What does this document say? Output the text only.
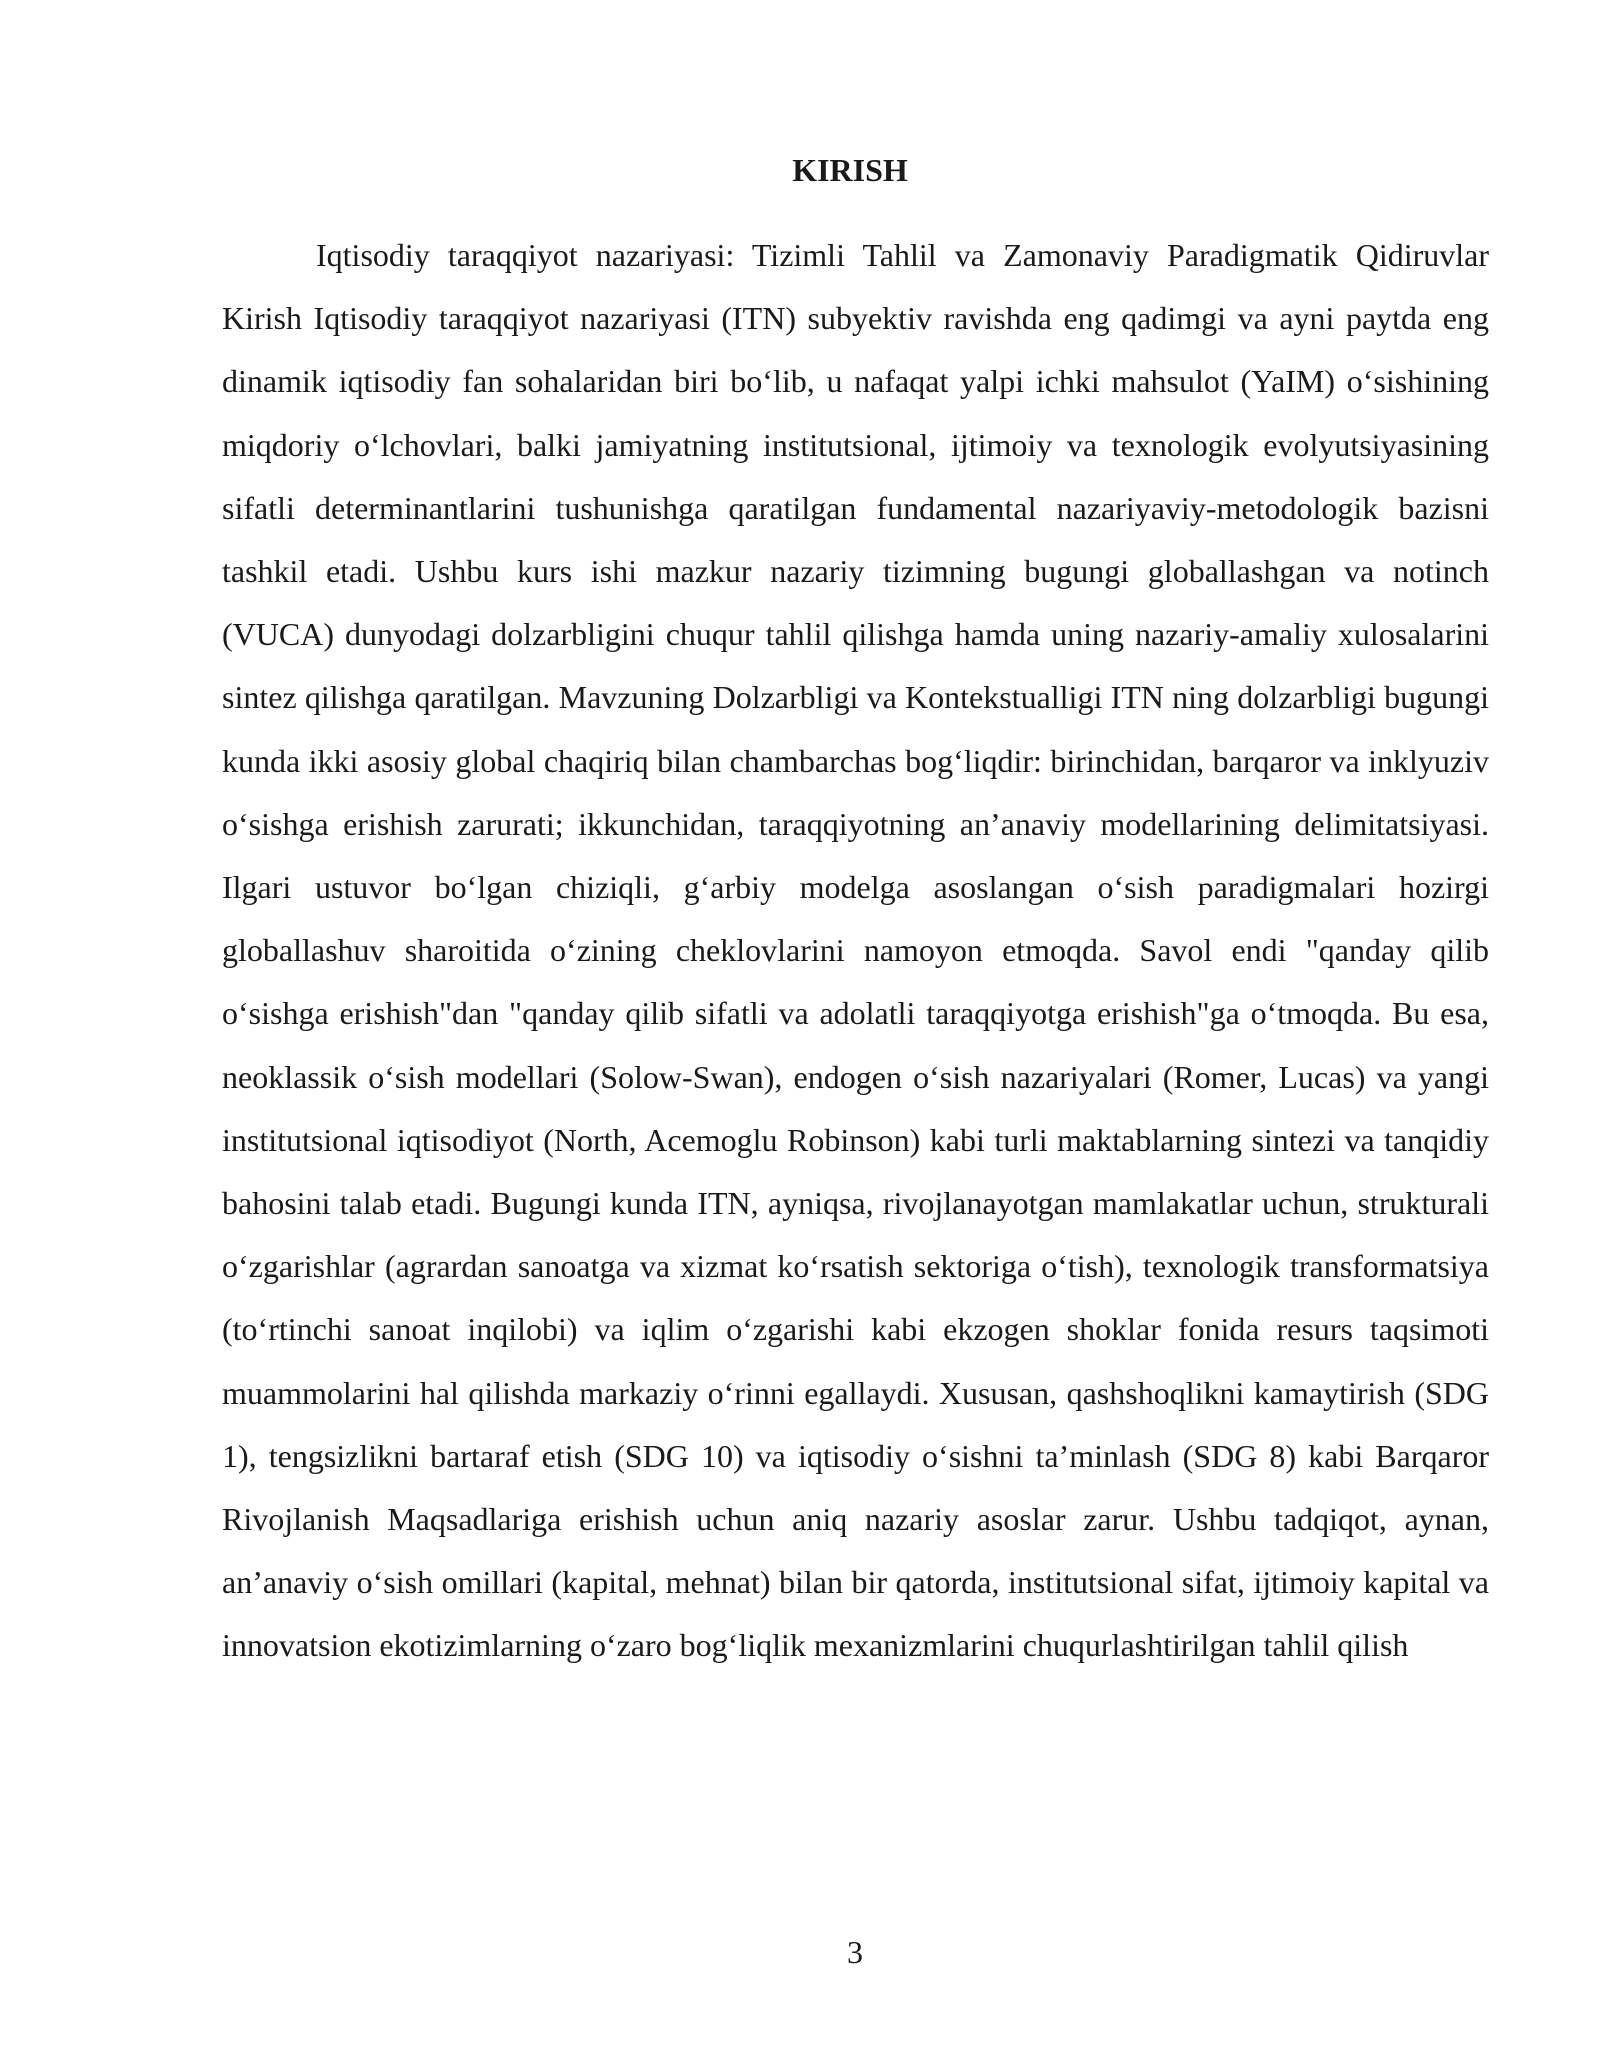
KIRISH

Iqtisodiy taraqqiyot nazariyasi: Tizimli Tahlil va Zamonaviy Paradigmatik Qidiruvlar Kirish Iqtisodiy taraqqiyot nazariyasi (ITN) subyektiv ravishda eng qadimgi va ayni paytda eng dinamik iqtisodiy fan sohalaridan biri bo‘lib, u nafaqat yalpi ichki mahsulot (YaIM) o‘sishining miqdoriy o‘lchovlari, balki jamiyatning institutsional, ijtimoiy va texnologik evolyutsiyasining sifatli determinantlarini tushunishga qaratilgan fundamental nazariyaviy-metodologik bazisni tashkil etadi. Ushbu kurs ishi mazkur nazariy tizimning bugungi globallashgan va notinch (VUCA) dunyodagi dolzarbligini chuqur tahlil qilishga hamda uning nazariy-amaliy xulosalarini sintez qilishga qaratilgan. Mavzuning Dolzarbligi va Kontekstualligi ITN ning dolzarbligi bugungi kunda ikki asosiy global chaqiriq bilan chambarchas bog‘liqdir: birinchidan, barqaror va inklyuziv o‘sishga erishish zarurati; ikkunchidan, taraqqiyotning an’anaviy modellarining delimitatsiyasi. Ilgari ustuvor bo‘lgan chiziqli, g‘arbiy modelga asoslangan o‘sish paradigmalari hozirgi globallashuv sharoitida o‘zining cheklovlarini namoyon etmoqda. Savol endi "qanday qilib o‘sishga erishish"dan "qanday qilib sifatli va adolatli taraqqiyotga erishish"ga o‘tmoqda. Bu esa, neoklassik o‘sish modellari (Solow-Swan), endogen o‘sish nazariyalari (Romer, Lucas) va yangi institutsional iqtisodiyot (North, Acemoglu Robinson) kabi turli maktablarning sintezi va tanqidiy bahosini talab etadi. Bugungi kunda ITN, ayniqsa, rivojlanayotgan mamlakatlar uchun, strukturali o‘zgarishlar (agrardan sanoatga va xizmat ko‘rsatish sektoriga o‘tish), texnologik transformatsiya (to‘rtinchi sanoat inqilobi) va iqlim o‘zgarishi kabi ekzogen shoklar fonida resurs taqsimoti muammolarini hal qilishda markaziy o‘rinni egallaydi. Xususan, qashshoqlikni kamaytirish (SDG 1), tengsizlikni bartaraf etish (SDG 10) va iqtisodiy o‘sishni ta’minlash (SDG 8) kabi Barqaror Rivojlanish Maqsadlariga erishish uchun aniq nazariy asoslar zarur. Ushbu tadqiqot, aynan, an’anaviy o‘sish omillari (kapital, mehnat) bilan bir qatorda, institutsional sifat, ijtimoiy kapital va innovatsion ekotizimlarning o‘zaro bog‘liqlik mexanizmlarini chuqurlashtirilgan tahlil qilish

3
